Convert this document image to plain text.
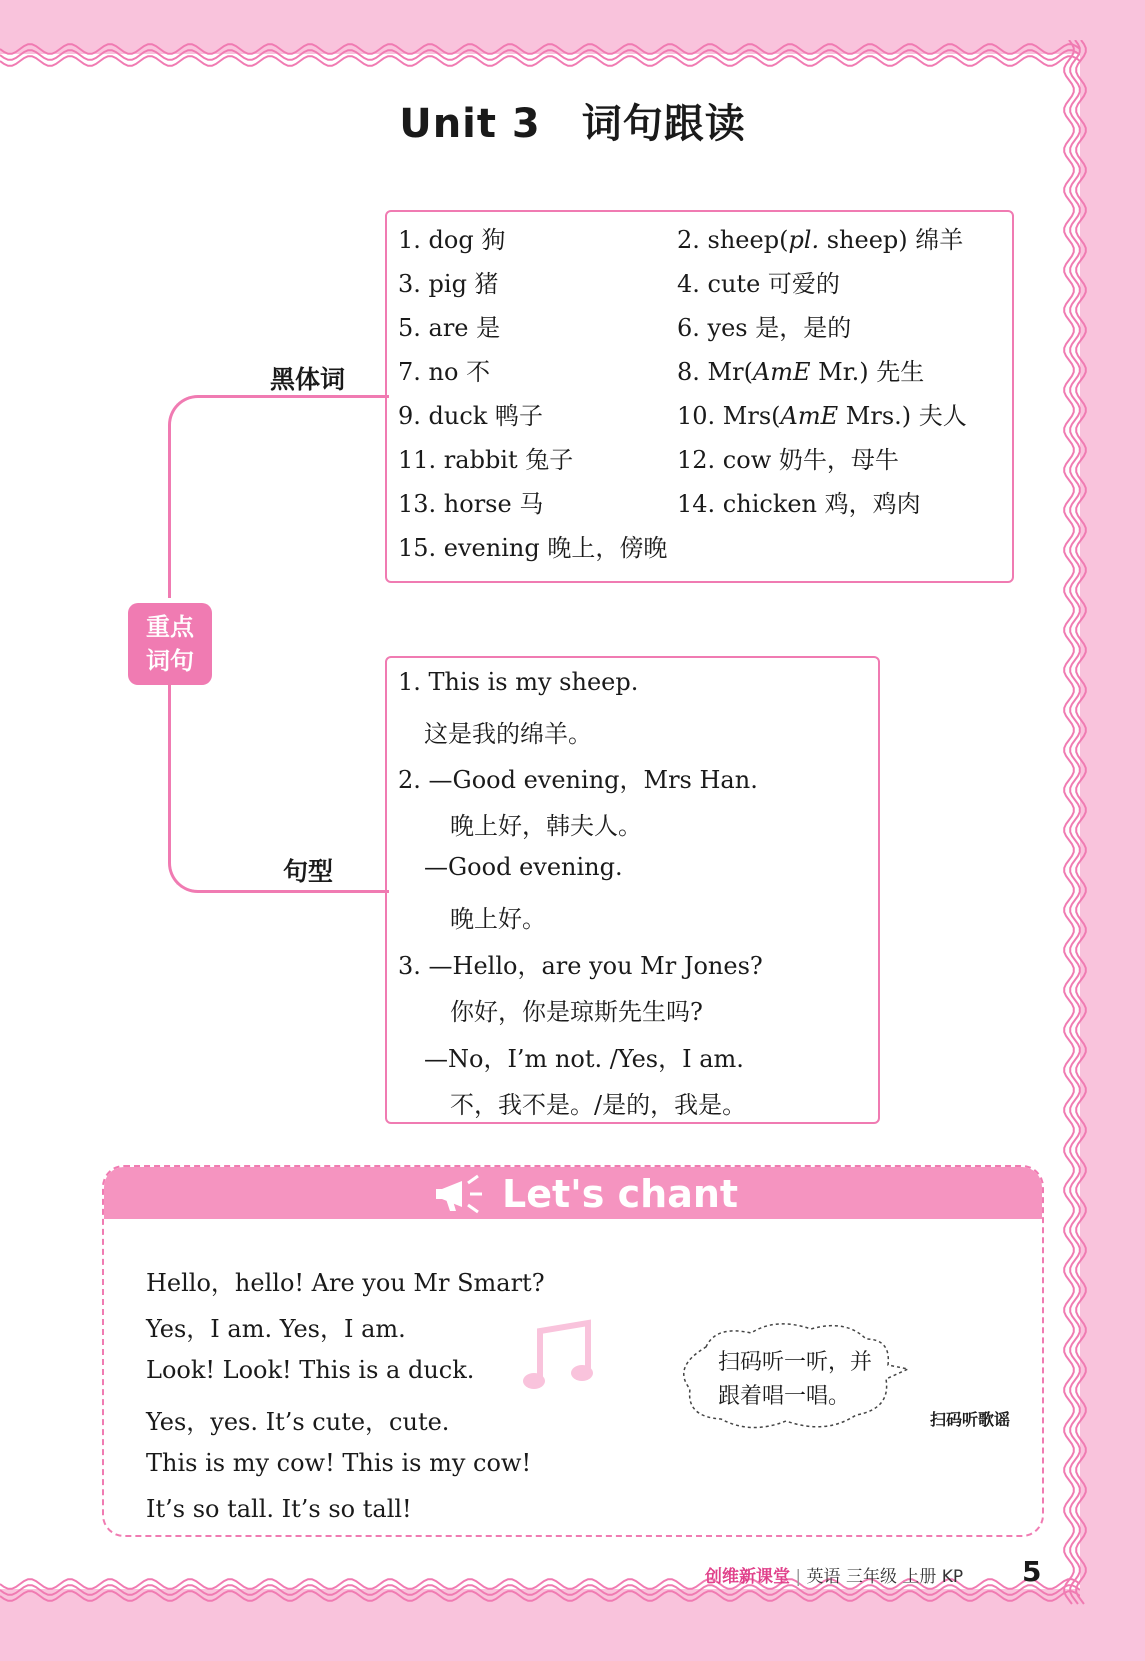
Unit 3　词句跟读
重点
词句
黑体词
句型
1. dog 狗	2. sheep(pl. sheep) 绵羊
3. pig 猪	4. cute 可爱的
5. are 是	6. yes 是，是的
7. no 不	8. Mr(AmE Mr.) 先生
9. duck 鸭子	10. Mrs(AmE Mrs.) 夫人
11. rabbit 兔子	12. cow 奶牛，母牛
13. horse 马	14. chicken 鸡，鸡肉
15. evening 晚上，傍晚
1. This is my sheep.
这是我的绵羊。
2. —Good evening，Mrs Han.
晚上好，韩夫人。
—Good evening.
晚上好。
3. —Hello，are you Mr Jones?
你好，你是琼斯先生吗?
—No，I’m not. /Yes，I am.
不，我不是。/是的，我是。
Let's chant
Hello，hello! Are you Mr Smart?
Yes，I am. Yes，I am.
Look! Look! This is a duck.
Yes，yes. It’s cute，cute.
This is my cow! This is my cow!
It’s so tall. It’s so tall!
扫码听一听，并
跟着唱一唱。
扫码听歌谣
创维新课堂 | 英语 三年级 上册 KP 5
